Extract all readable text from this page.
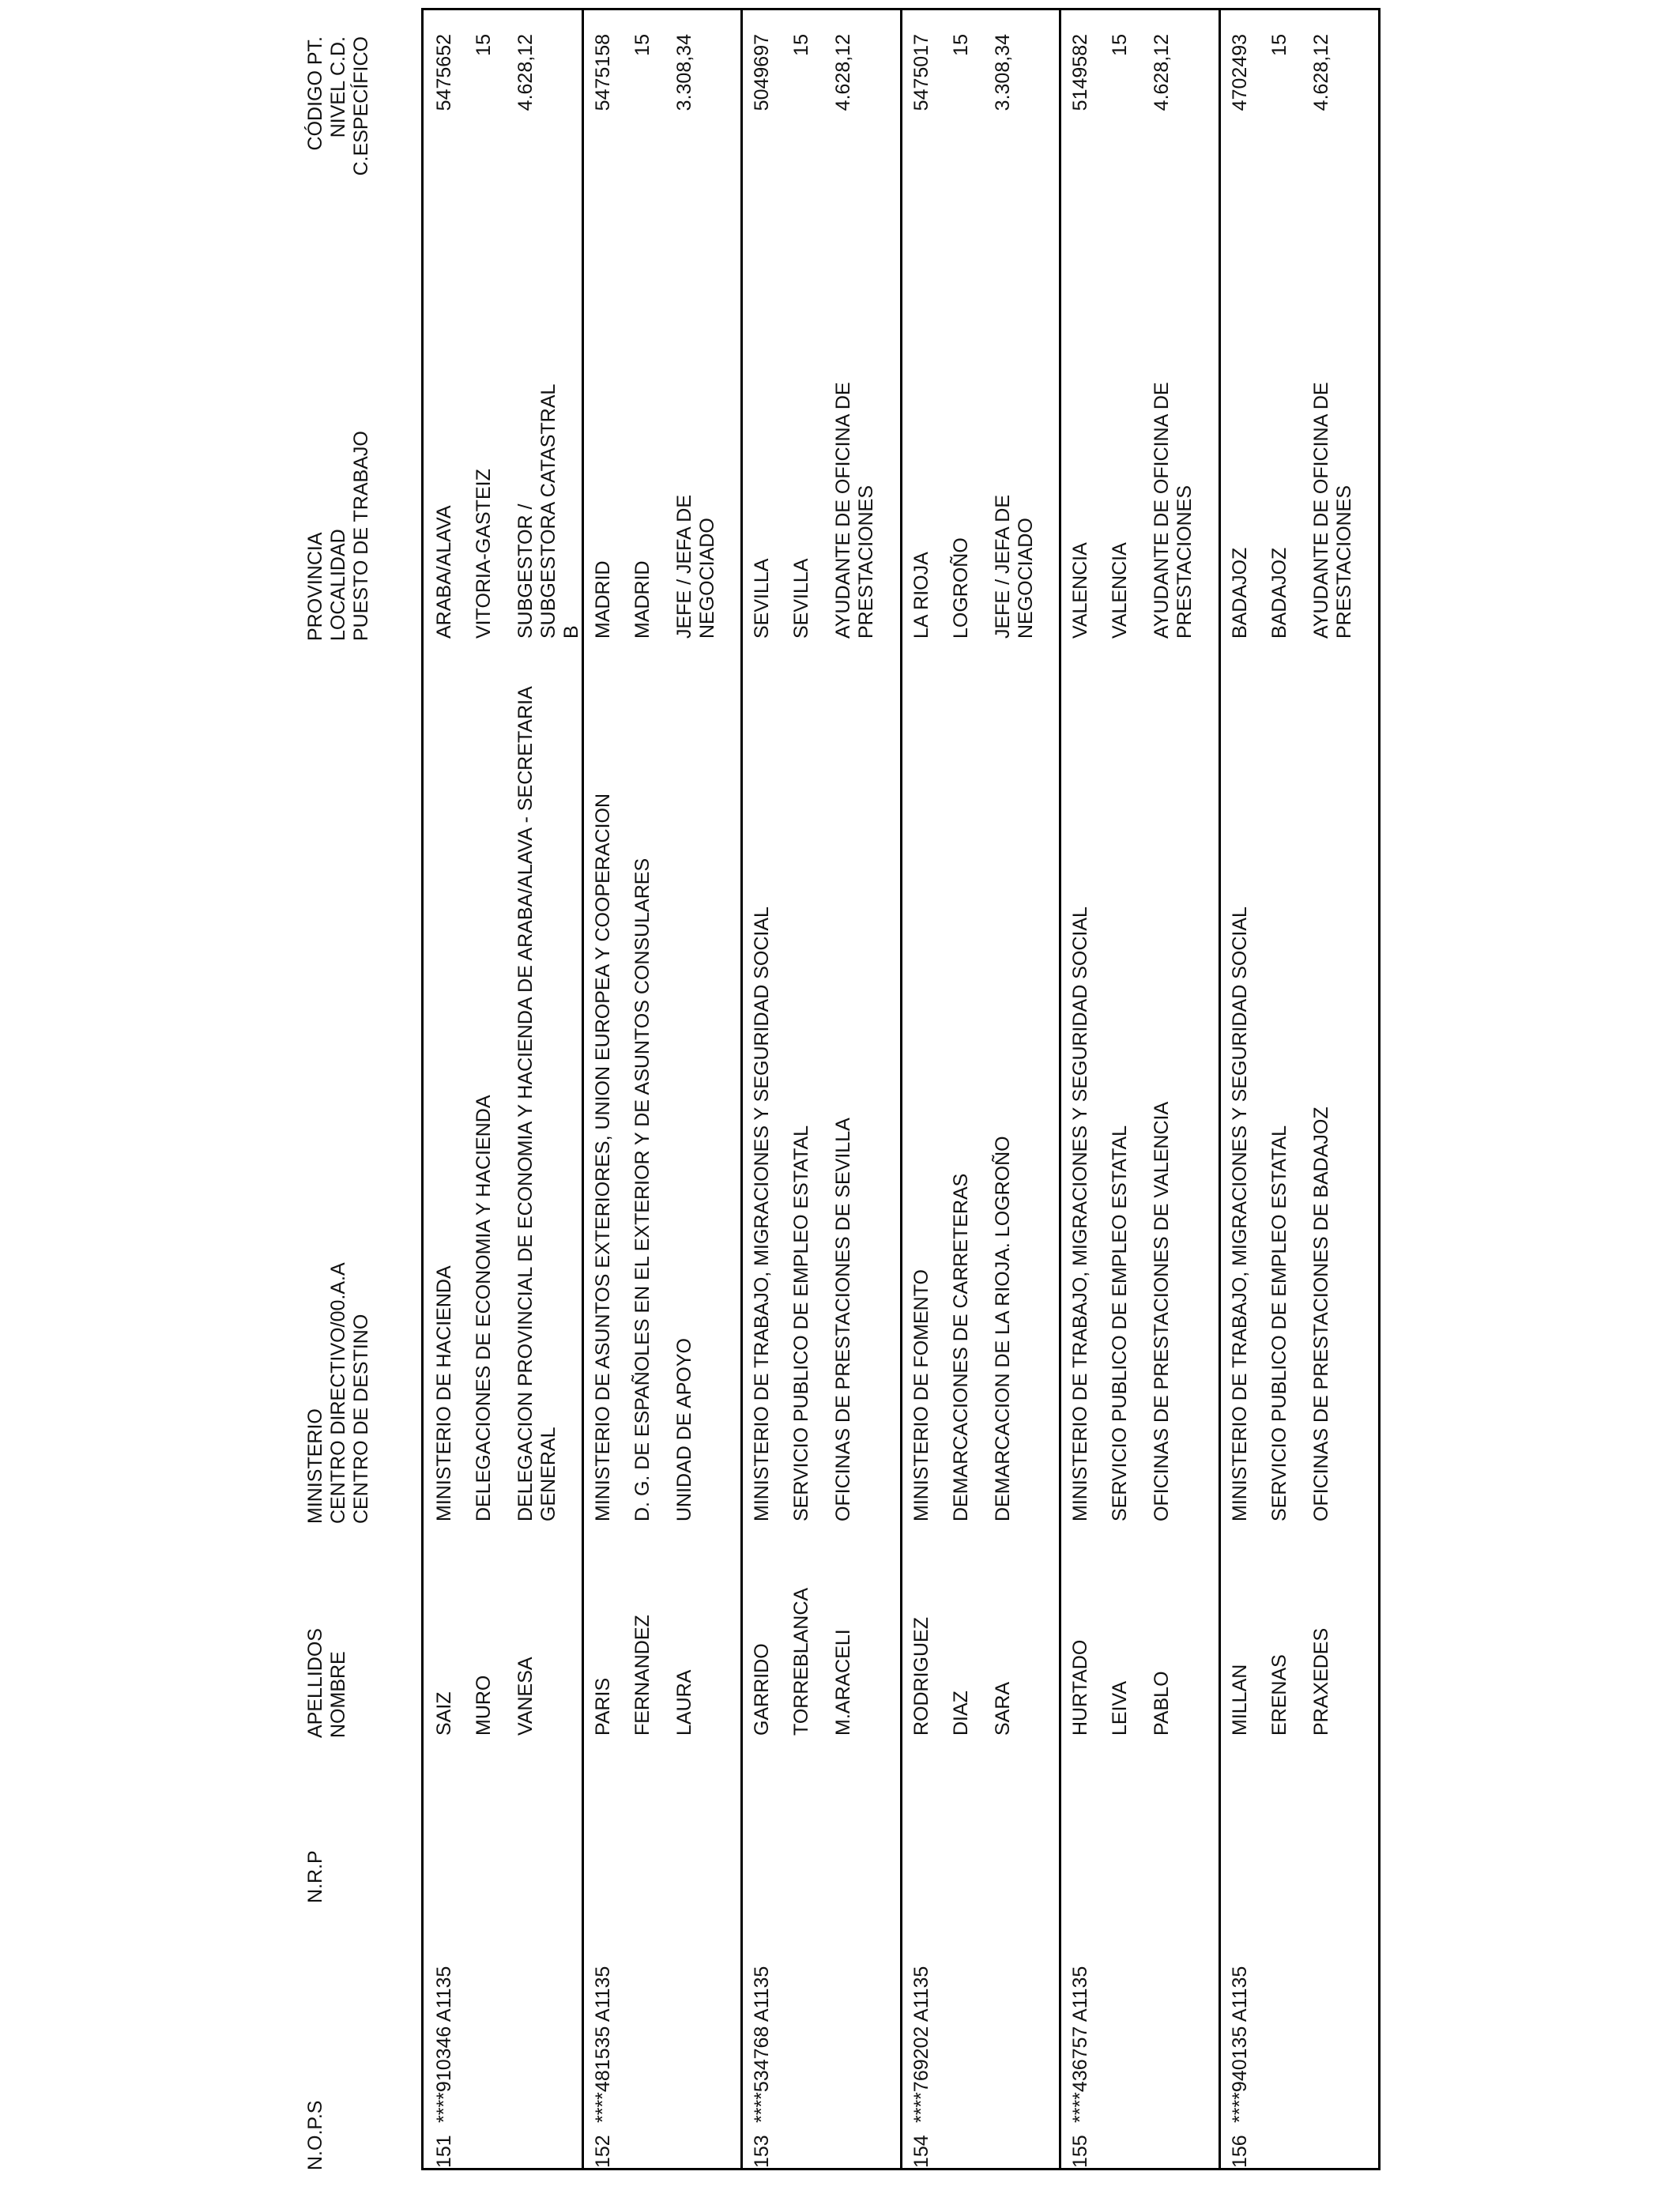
N.O.P.S
N.R.P
APELLIDOS NOMBRE
MINISTERIO CENTRO DIRECTIVO/00.A.A CENTRO DE DESTINO
PROVINCIA LOCALIDAD PUESTO DE TRABAJO
CÓDIGO PT. NIVEL C.D. C.ESPECÍFICO
151
****910346 A1135
SAIZ MURO VANESA
MINISTERIO DE HACIENDA DELEGACIONES DE ECONOMIA Y HACIENDA DELEGACION PROVINCIAL DE ECONOMIA Y HACIENDA DE ARABA/ALAVA - SECRETARIA GENERAL
ARABA/ALAVA VITORIA-GASTEIZ SUBGESTOR / SUBGESTORA CATASTRAL B
5475652 15 4.628,12
152
****481535 A1135
PARIS FERNANDEZ LAURA
MINISTERIO DE ASUNTOS EXTERIORES, UNION EUROPEA Y COOPERACION D. G. DE ESPAÑOLES EN EL EXTERIOR Y DE ASUNTOS CONSULARES UNIDAD DE APOYO
MADRID MADRID JEFE / JEFA DE NEGOCIADO
5475158 15 3.308,34
153
****534768 A1135
GARRIDO TORREBLANCA M.ARACELI
MINISTERIO DE TRABAJO, MIGRACIONES Y SEGURIDAD SOCIAL SERVICIO PUBLICO DE EMPLEO ESTATAL OFICINAS DE PRESTACIONES DE SEVILLA
SEVILLA SEVILLA AYUDANTE DE OFICINA DE PRESTACIONES
5049697 15 4.628,12
154
****769202 A1135
RODRIGUEZ DIAZ SARA
MINISTERIO DE FOMENTO DEMARCACIONES DE CARRETERAS DEMARCACION DE LA RIOJA. LOGROÑO
LA RIOJA LOGROÑO JEFE / JEFA DE NEGOCIADO
5475017 15 3.308,34
155
****436757 A1135
HURTADO LEIVA PABLO
MINISTERIO DE TRABAJO, MIGRACIONES Y SEGURIDAD SOCIAL SERVICIO PUBLICO DE EMPLEO ESTATAL OFICINAS DE PRESTACIONES DE VALENCIA
VALENCIA VALENCIA AYUDANTE DE OFICINA DE PRESTACIONES
5149582 15 4.628,12
156
****940135 A1135
MILLAN ERENAS PRAXEDES
MINISTERIO DE TRABAJO, MIGRACIONES Y SEGURIDAD SOCIAL SERVICIO PUBLICO DE EMPLEO ESTATAL OFICINAS DE PRESTACIONES DE BADAJOZ
BADAJOZ BADAJOZ AYUDANTE DE OFICINA DE PRESTACIONES
4702493 15 4.628,12
